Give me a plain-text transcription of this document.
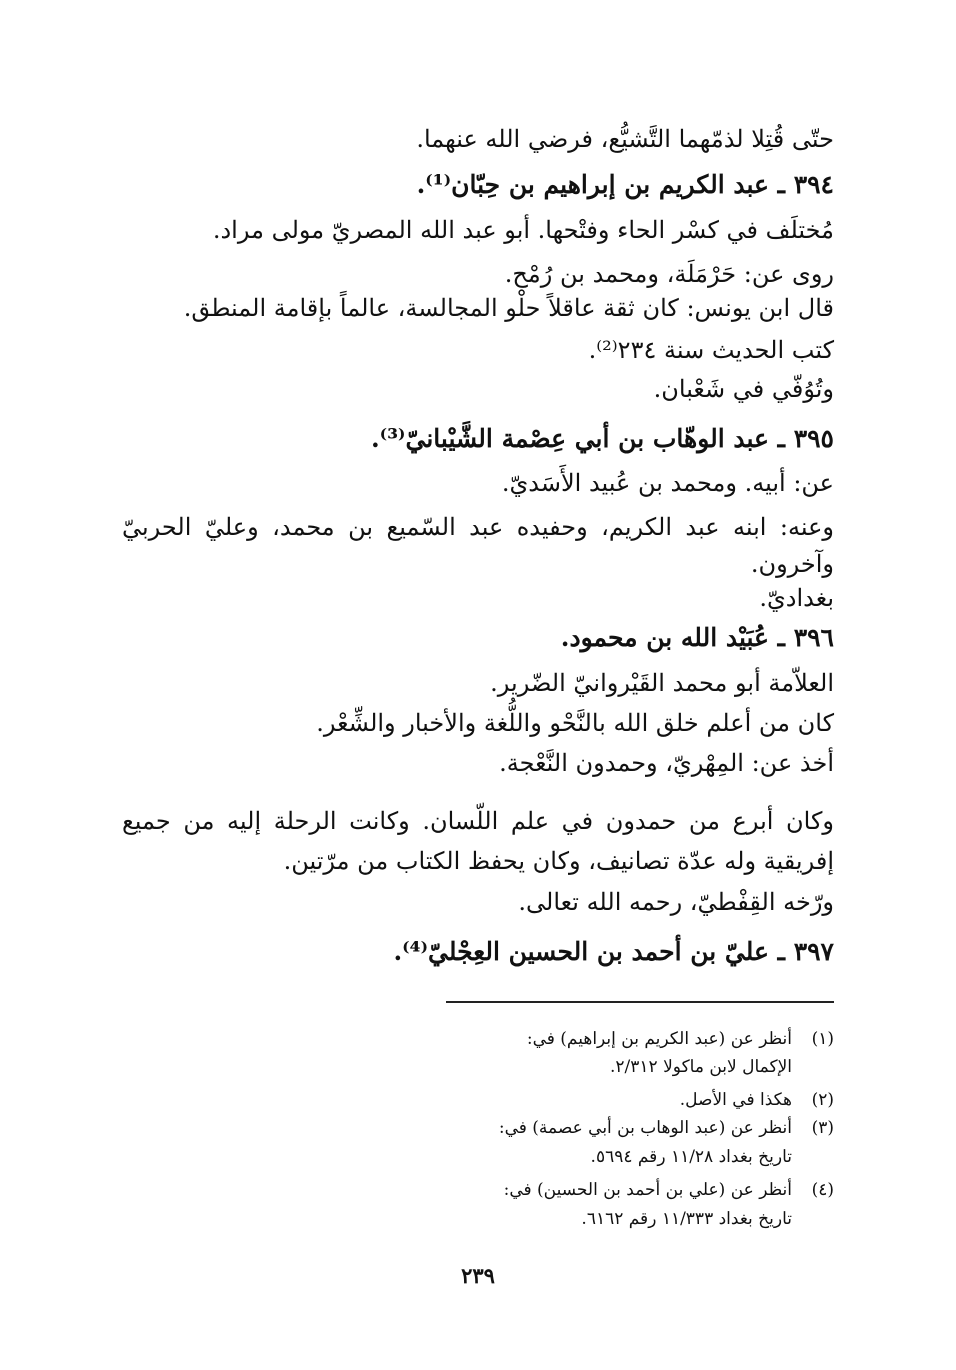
حتّى قُتِلا لذمّهما التَّشيُّع، فرضي الله عنهما.
٣٩٤ ـ عبد الكريم بن إبراهيم بن حِبّان⁽¹⁾.
مُختلَف في كسْر الحاء وفتْحها. أبو عبد الله المصريّ مولى مراد.
روى عن: حَرْمَلَة، ومحمد بن رُمْح.
قال ابن يونس: كان ثقة عاقلاً حلْو المجالسة، عالماً بإقامة المنطق.
كتب الحديث سنة ٢٣٤⁽²⁾.
وتُوُفّي في شَعْبان.
٣٩٥ ـ عبد الوهّاب بن أبي عِصْمة الشَّيْبانيّ⁽³⁾.
عن: أبيه. ومحمد بن عُبيد الأَسَديّ.
وعنه: ابنه عبد الكريم، وحفيده عبد السّميع بن محمد، وعليّ الحربيّ
وآخرون.
بغداديّ.
٣٩٦ ـ عُبَيْد الله بن محمود.
العلاّمة أبو محمد القَيْروانيّ الضّرير.
كان من أعلم خلق الله بالنَّحْو واللُّغة والأخبار والشِّعْر.
أخذ عن: المِهْريّ، وحمدون النَّعْجة.
وكان أبرع من حمدون في علم اللّسان. وكانت الرحلة إليه من جميع
إفريقية وله عدّة تصانيف، وكان يحفظ الكتاب من مرّتين.
ورّخه القِفْطيّ، رحمه الله تعالى.
٣٩٧ ـ عليّ بن أحمد بن الحسين العِجْليّ⁽⁴⁾.
(١)أنظر عن (عبد الكريم بن إبراهيم) في:
الإكمال لابن ماكولا ٢/٣١٢.
(٢)هكذا في الأصل.
(٣)أنظر عن (عبد الوهاب بن أبي عصمة) في:
تاريخ بغداد ١١/٢٨ رقم ٥٦٩٤.
(٤)أنظر عن (علي بن أحمد بن الحسين) في:
تاريخ بغداد ١١/٣٣٣ رقم ٦١٦٢.
٢٣٩
